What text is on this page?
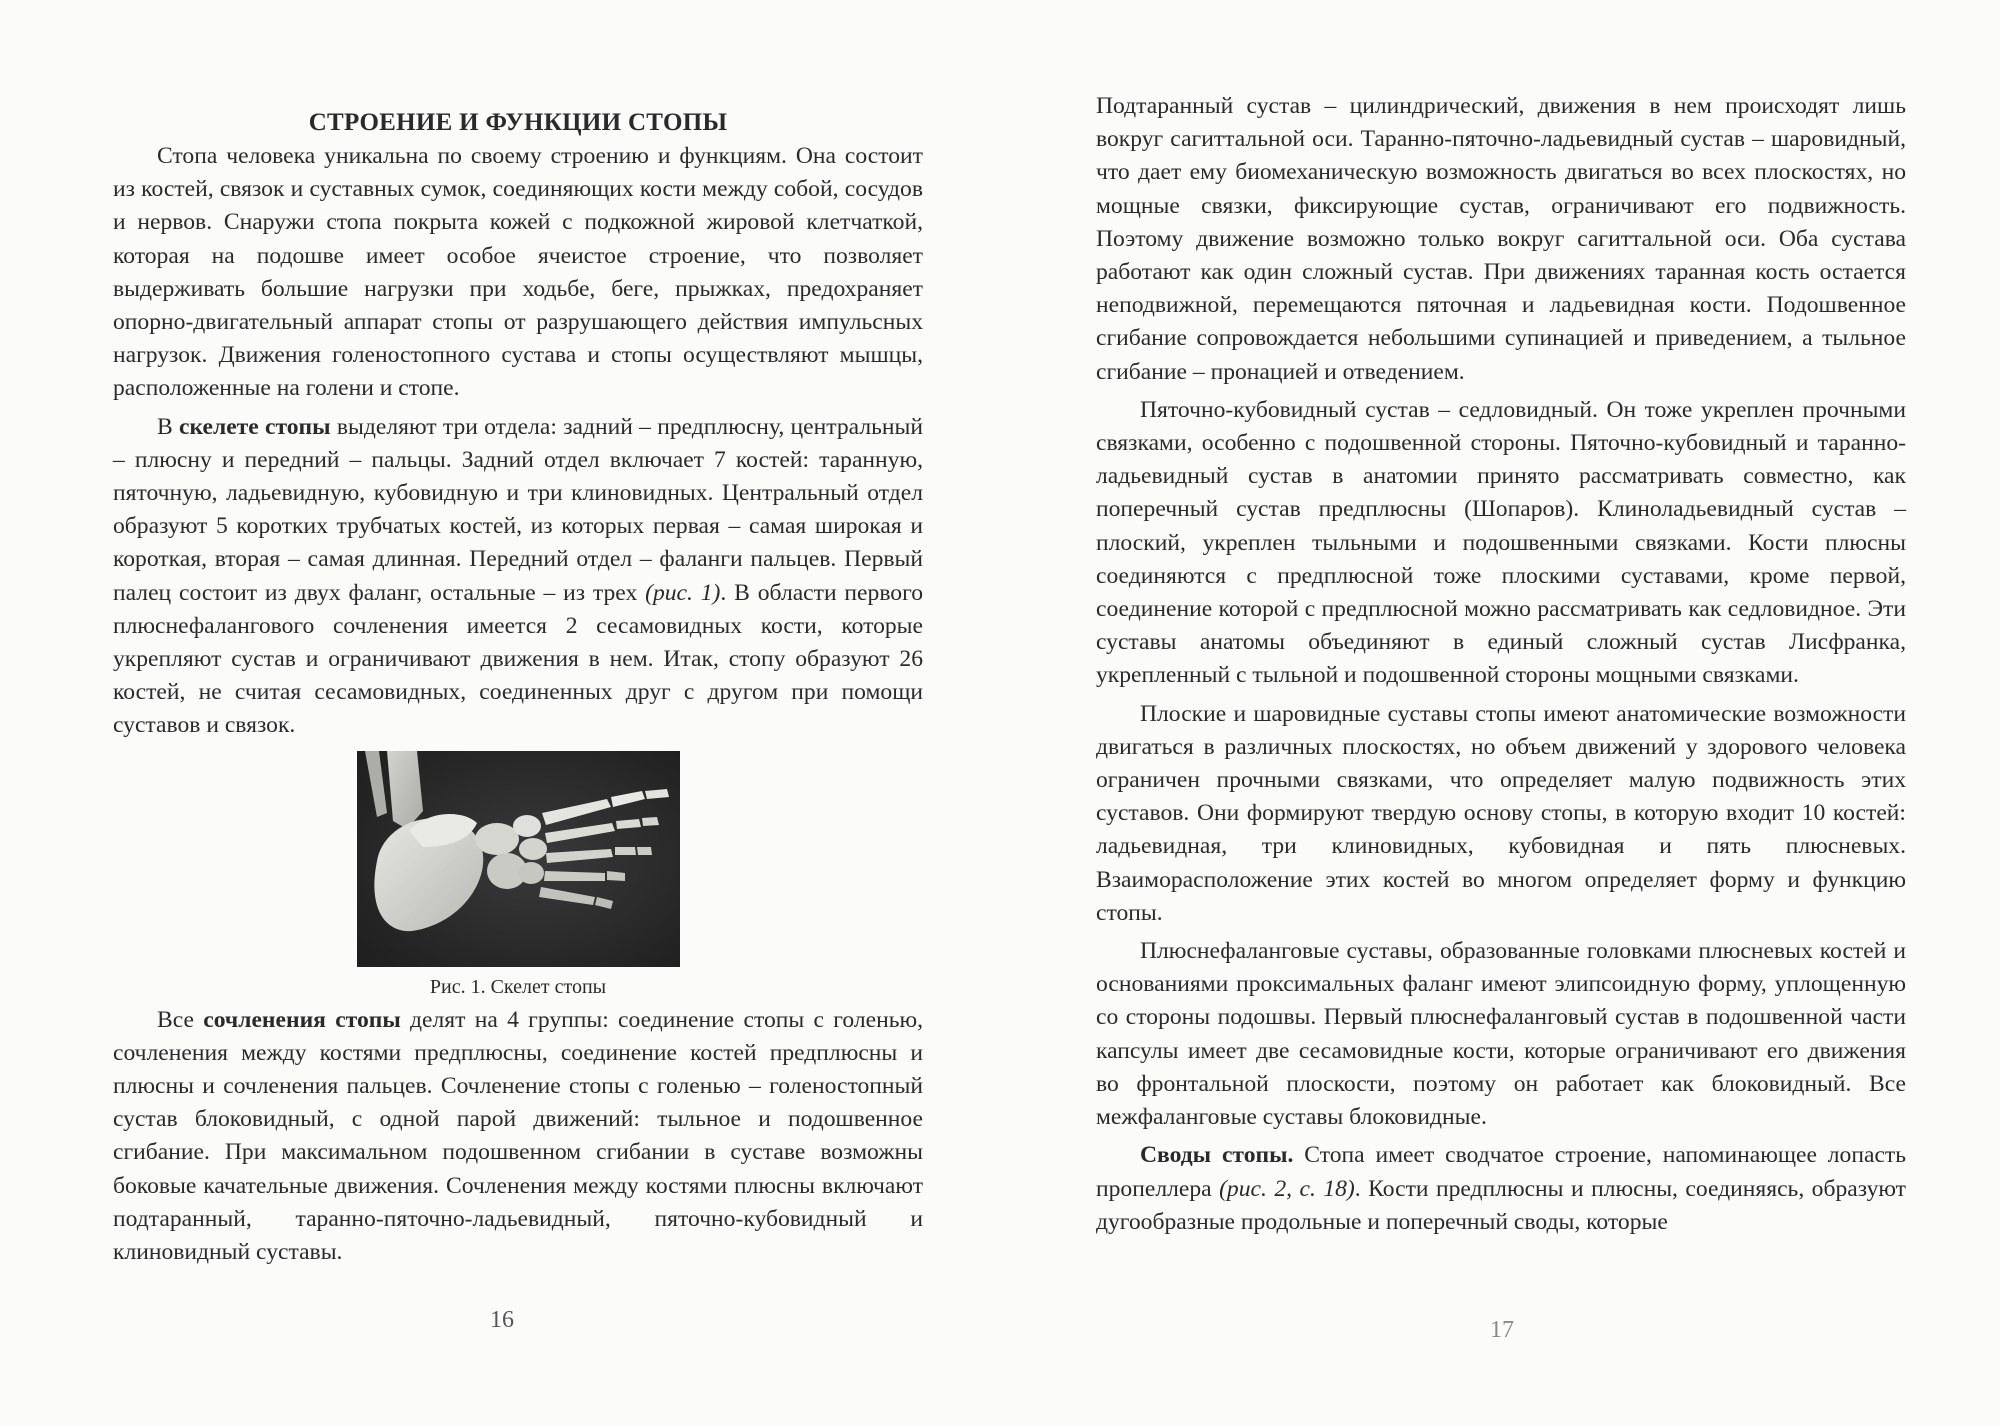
СТРОЕНИЕ И ФУНКЦИИ СТОПЫ

Стопа человека уникальна по своему строению и функциям. Она состоит из костей, связок и суставных сумок, соединяющих кости между собой, сосудов и нервов. Снаружи стопа покрыта кожей с подкожной жировой клетчаткой, которая на подошве имеет особое ячеистое строение, что позволяет выдерживать большие нагрузки при ходьбе, беге, прыжках, предохраняет опорно-двигательный аппарат стопы от разрушающего действия импульсных нагрузок. Движения голеностопного сустава и стопы осуществляют мышцы, расположенные на голени и стопе.

В скелете стопы выделяют три отдела: задний – предплюсну, центральный – плюсну и передний – пальцы. Задний отдел включает 7 костей: таранную, пяточную, ладьевидную, кубовидную и три клиновидных. Центральный отдел образуют 5 коротких трубчатых костей, из которых первая – самая широкая и короткая, вторая – самая длинная. Передний отдел – фаланги пальцев. Первый палец состоит из двух фаланг, остальные – из трех (рис. 1). В области первого плюснефалангового сочленения имеется 2 сесамовидных кости, которые укрепляют сустав и ограничивают движения в нем. Итак, стопу образуют 26 костей, не считая сесамовидных, соединенных друг с другом при помощи суставов и связок.

Рис. 1. Скелет стопы

Все сочленения стопы делят на 4 группы: соединение стопы с голенью, сочленения между костями предплюсны, соединение костей предплюсны и плюсны и сочленения пальцев. Сочленение стопы с голенью – голеностопный сустав блоковидный, с одной парой движений: тыльное и подошвенное сгибание. При максимальном подошвенном сгибании в суставе возможны боковые качательные движения. Сочленения между костями плюсны включают подтаранный, таранно-пяточно-ладьевидный, пяточно-кубовидный и клиновидный суставы.

16

Подтаранный сустав – цилиндрический, движения в нем происходят лишь вокруг сагиттальной оси. Таранно-пяточно-ладьевидный сустав – шаровидный, что дает ему биомеханическую возможность двигаться во всех плоскостях, но мощные связки, фиксирующие сустав, ограничивают его подвижность. Поэтому движение возможно только вокруг сагиттальной оси. Оба сустава работают как один сложный сустав. При движениях таранная кость остается неподвижной, перемещаются пяточная и ладьевидная кости. Подошвенное сгибание сопровождается небольшими супинацией и приведением, а тыльное сгибание – пронацией и отведением.

Пяточно-кубовидный сустав – седловидный. Он тоже укреплен прочными связками, особенно с подошвенной стороны. Пяточно-кубовидный и таранно-ладьевидный сустав в анатомии принято рассматривать совместно, как поперечный сустав предплюсны (Шопаров). Клиноладьевидный сустав – плоский, укреплен тыльными и подошвенными связками. Кости плюсны соединяются с предплюсной тоже плоскими суставами, кроме первой, соединение которой с предплюсной можно рассматривать как седловидное. Эти суставы анатомы объединяют в единый сложный сустав Лисфранка, укрепленный с тыльной и подошвенной стороны мощными связками.

Плоские и шаровидные суставы стопы имеют анатомические возможности двигаться в различных плоскостях, но объем движений у здорового человека ограничен прочными связками, что определяет малую подвижность этих суставов. Они формируют твердую основу стопы, в которую входит 10 костей: ладьевидная, три клиновидных, кубовидная и пять плюсневых. Взаиморасположение этих костей во многом определяет форму и функцию стопы.

Плюснефаланговые суставы, образованные головками плюсневых костей и основаниями проксимальных фаланг имеют элипсоидную форму, уплощенную со стороны подошвы. Первый плюснефаланговый сустав в подошвенной части капсулы имеет две сесамовидные кости, которые ограничивают его движения во фронтальной плоскости, поэтому он работает как блоковидный. Все межфаланговые суставы блоковидные.

Своды стопы. Стопа имеет сводчатое строение, напоминающее лопасть пропеллера (рис. 2, с. 18). Кости предплюсны и плюсны, соединяясь, образуют дугообразные продольные и поперечный своды, которые

17
